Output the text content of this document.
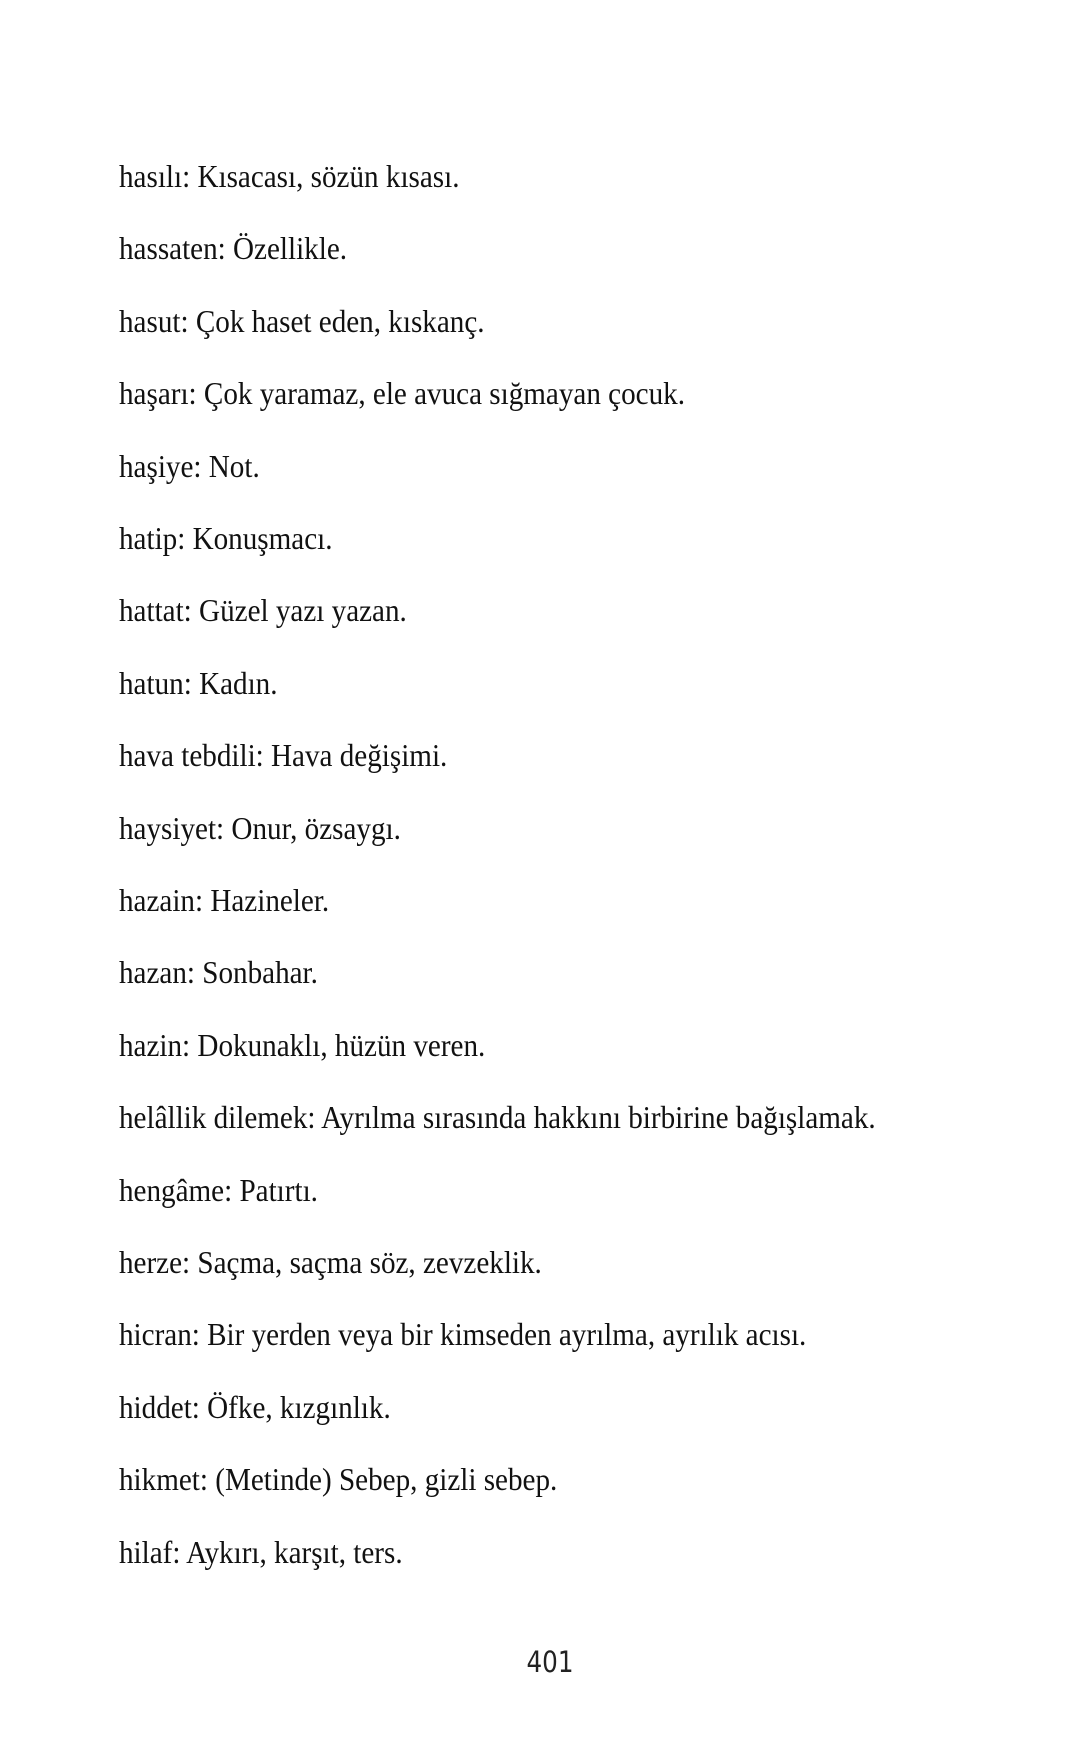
hasılı: Kısacası, sözün kısası.
hassaten: Özellikle.
hasut: Çok haset eden, kıskanç.
haşarı: Çok yaramaz, ele avuca sığmayan çocuk.
haşiye: Not.
hatip: Konuşmacı.
hattat: Güzel yazı yazan.
hatun: Kadın.
hava tebdili: Hava değişimi.
haysiyet: Onur, özsaygı.
hazain: Hazineler.
hazan: Sonbahar.
hazin: Dokunaklı, hüzün veren.
helâllik dilemek: Ayrılma sırasında hakkını birbirine bağışlamak.
hengâme: Patırtı.
herze: Saçma, saçma söz, zevzeklik.
hicran: Bir yerden veya bir kimseden ayrılma, ayrılık acısı.
hiddet: Öfke, kızgınlık.
hikmet: (Metinde) Sebep, gizli sebep.
hilaf: Aykırı, karşıt, ters.
401
